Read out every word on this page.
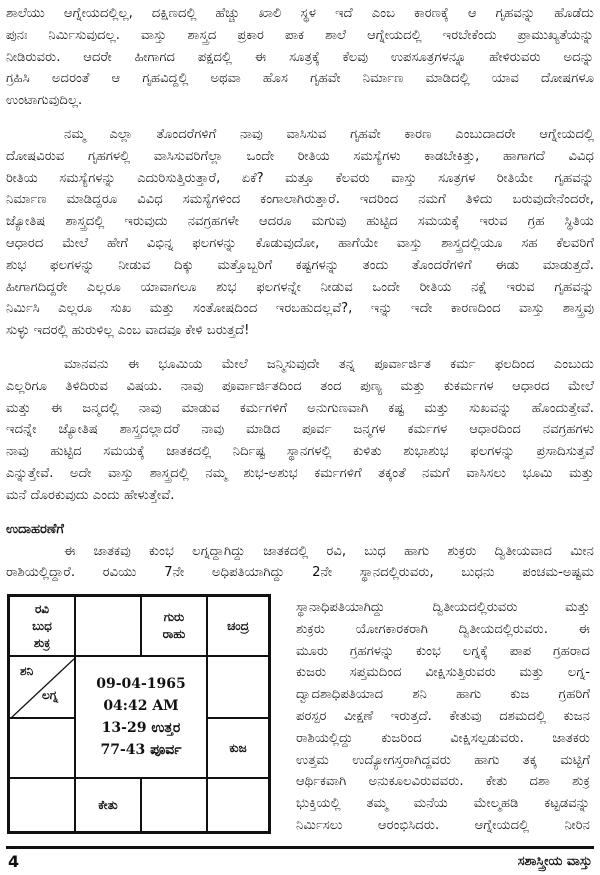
ಶಾಲೆಯು ಆಗ್ನೇಯದಲ್ಲಿಲ್ಲ, ದಕ್ಷಿಣದಲ್ಲಿ ಹೆಚ್ಚು ಖಾಲಿ ಸ್ಥಳ ಇದೆ ಎಂಬ ಕಾರಣಕ್ಕೆ ಆ ಗೃಹವನ್ನು ಹೊಡೆದು
ಪುನಃ ನಿರ್ಮಿಸುವುದಲ್ಲ. ವಾಸ್ತು ಶಾಸ್ತ್ರದ ಪ್ರಕಾರ ಪಾಕ ಶಾಲೆ ಆಗ್ನೇಯದಲ್ಲಿ ಇರಬೇಕೆಂದು ಪ್ರಾಮುಖ್ಯತೆಯನ್ನು
ನೀಡಿರುವರು. ಆದರೇ ಹೀಗಾಗದ ಪಕ್ಷದಲ್ಲಿ ಈ ಸೂತ್ರಕ್ಕೆ ಕೆಲವು ಉಪಸೂತ್ರಗಳನ್ನೂ ಹೇಳಿರುವರು ಅದನ್ನು
ಗ್ರಹಿಸಿ ಅದರಂತೆ ಆ ಗೃಹವಿದ್ದಲ್ಲಿ ಅಥವಾ ಹೊಸ ಗೃಹವೇ ನಿರ್ಮಾಣ ಮಾಡಿದಲ್ಲಿ ಯಾವ ದೋಷಗಳೂ
ಉಂಟಾಗುವುದಿಲ್ಲ.
ನಮ್ಮ ಎಲ್ಲಾ ತೊಂದರೆಗಳಿಗೆ ನಾವು ವಾಸಿಸುವ ಗೃಹವೇ ಕಾರಣ ಎಂಬುದಾದರೇ ಆಗ್ನೇಯದಲ್ಲಿ
ದೋಷವಿರುವ ಗೃಹಗಳಲ್ಲಿ ವಾಸಿಸುವರಿಗೆಲ್ಲಾ ಒಂದೇ ರೀತಿಯ ಸಮಸ್ಯೆಗಳು ಕಾಡಬೇಕಿತ್ತು, ಹಾಗಾಗದೆ ವಿವಿಧ
ರೀತಿಯ ಸಮಸ್ಯೆಗಳನ್ನು ಎದುರಿಸುತ್ತಿರುತ್ತಾರೆ, ಏಕೆ? ಮತ್ತೂ ಕೆಲವರು ವಾಸ್ತು ಸೂತ್ರಗಳ ರೀತಿಯೇ ಗೃಹವನ್ನು
ನಿರ್ಮಾಣ ಮಾಡಿದ್ದರೂ ವಿವಿಧ ಸಮಸ್ಯೆಗಳಿಂದ ಕಂಗಾಲಾಗಿರುತ್ತಾರೆ. ಇದರಿಂದ ನಮಗೆ ತಿಳಿದು ಬರುವುದೇನೆಂದರೇ,
ಜ್ಯೋತಿಷ ಶಾಸ್ತ್ರದಲ್ಲಿ ಇರುವುದು ನವಗ್ರಹಗಳೇ ಆದರೂ ಮಗುವು ಹುಟ್ಟಿದ ಸಮಯಕ್ಕೆ ಇರುವ ಗ್ರಹ ಸ್ಥಿತಿಯ
ಆಧಾರದ ಮೇಲೆ ಹೇಗೆ ವಿಭಿನ್ನ ಫಲಗಳನ್ನು ಕೊಡುವುದೋ, ಹಾಗೆಯೇ ವಾಸ್ತು ಶಾಸ್ತ್ರದಲ್ಲಿಯೂ ಸಹ ಕೆಲವರಿಗೆ
ಶುಭ ಫಲಗಳನ್ನು ನೀಡುವ ದಿಕ್ಕು ಮತ್ತೊಬ್ಬರಿಗೆ ಕಷ್ಟಗಳನ್ನು ತಂದು ತೊಂದರೆಗಳಿಗೆ ಈಡು ಮಾಡುತ್ತದೆ.
ಹೀಗಾಗದಿದ್ದರೇ ಎಲ್ಲರೂ ಯಾವಾಗಲೂ ಶುಭ ಫಲಗಳನ್ನೇ ನೀಡುವ ಒಂದೇ ರೀತಿಯ ನಕ್ಷೆ ಇರುವ ಗೃಹವನ್ನು
ನಿರ್ಮಿಸಿ ಎಲ್ಲರೂ ಸುಖ ಮತ್ತು ಸಂತೋಷದಿಂದ ಇರಬಹುದಲ್ಲವೆ?, ಇನ್ನು ಇದೇ ಕಾರಣದಿಂದ ವಾಸ್ತು ಶಾಸ್ತ್ರವು
ಸುಳ್ಳು ಇದರಲ್ಲಿ ಹುರುಳಿಲ್ಲ ಎಂಬ ವಾದವೂ ಕೇಳಿ ಬರುತ್ತದೆ!
ಮಾನವನು ಈ ಭೂಮಿಯ ಮೇಲೆ ಜನ್ಮಿಸುವುದೇ ತನ್ನ ಪೂರ್ವಾರ್ಜಿತ ಕರ್ಮ ಫಲದಿಂದ ಎಂಬುದು
ಎಲ್ಲರಿಗೂ ತಿಳಿದಿರುವ ವಿಷಯ. ನಾವು ಪೂರ್ವಾರ್ಜಿತದಿಂದ ತಂದ ಪುಣ್ಯ ಮತ್ತು ಕುಕರ್ಮಗಳ ಆಧಾರದ ಮೇಲೆ
ಮತ್ತು ಈ ಜನ್ಮದಲ್ಲಿ ನಾವು ಮಾಡುವ ಕರ್ಮಗಳಿಗೆ ಅನುಗುಣವಾಗಿ ಕಷ್ಟ ಮತ್ತು ಸುಖವನ್ನು ಹೊಂದುತ್ತೇವೆ.
ಇದನ್ನೇ ಜ್ಯೋತಿಷ ಶಾಸ್ತ್ರದಲ್ಲಾದರೆ ನಾವು ಮಾಡಿದ ಪೂರ್ವ ಜನ್ಮಗಳ ಕರ್ಮಗಳ ಆಧಾರದಿಂದ ನವಗ್ರಹಗಳು
ನಾವು ಹುಟ್ಟಿದ ಸಮಯಕ್ಕೆ ಜಾತಕದಲ್ಲಿ ನಿರ್ದಿಷ್ಟ ಸ್ಥಾನಗಳಲ್ಲಿ ಕುಳಿತು ಶುಭಾಶುಭ ಫಲಗಳನ್ನು ಪ್ರಸಾದಿಸುತ್ತವೆ
ಎನ್ನುತ್ತೇವೆ. ಅದೇ ವಾಸ್ತು ಶಾಸ್ತ್ರದಲ್ಲಿ ನಮ್ಮ ಶುಭ-ಅಶುಭ ಕರ್ಮಗಳಿಗೆ ತಕ್ಕಂತೆ ನಮಗೆ ವಾಸಿಸಲು ಭೂಮಿ ಮತ್ತು
ಮನೆ ದೊರಕುವುದು ಎಂದು ಹೇಳುತ್ತೇವೆ.
ಉದಾಹರಣೆಗೆ
ಈ ಜಾತಕವು ಕುಂಭ ಲಗ್ನದ್ದಾಗಿದ್ದು ಜಾತಕದಲ್ಲಿ ರವಿ, ಬುಧ ಹಾಗು ಶುಕ್ರರು ದ್ವಿತೀಯವಾದ ಮೀನ
ರಾಶಿಯಲ್ಲಿದ್ದಾರೆ. ರವಿಯು 7ನೇ ಅಧಿಪತಿಯಾಗಿದ್ದು 2ನೇ ಸ್ಥಾನದಲ್ಲಿರುವರು, ಬುಧನು ಪಂಚಮ-ಅಷ್ಟಮ
ರವಿ
ಬುಧ
ಶುಕ್ರ
ಗುರು
ರಾಹು
ಚಂದ್ರ
ಶನಿ
ಲಗ್ನ
09-04-1965
04:42 AM
13-29 ಉತ್ತರ
77-43 ಪೂರ್ವ	ಕುಜ
ಕೇತು
ಸ್ಥಾನಾಧಿಪತಿಯಾಗಿದ್ದು ದ್ವಿತೀಯದಲ್ಲಿರುವರು ಮತ್ತು
ಶುಕ್ರರು ಯೋಗಕಾರಕರಾಗಿ ದ್ವಿತೀಯದಲ್ಲಿರುವರು. ಈ
ಮೂರು ಗ್ರಹಗಳನ್ನು ಕುಂಭ ಲಗ್ನಕ್ಕೆ ಪಾಪ ಗ್ರಹರಾದ
ಕುಜರು ಸಪ್ತಮದಿಂದ ವೀಕ್ಷಿಸುತ್ತಿರುವರು ಮತ್ತು ಲಗ್ನ-
ದ್ವಾದಶಾಧಿಪತಿಯಾದ ಶನಿ ಹಾಗು ಕುಜ ಗ್ರಹರಿಗೆ
ಪರಸ್ಪರ ವೀಕ್ಷಣೆ ಇರುತ್ತದೆ. ಕೇತುವು ದಶಮದಲ್ಲಿ ಕುಜನ
ರಾಶಿಯಲ್ಲಿದ್ದು ಕುಜರಿಂದ ವೀಕ್ಷಿಸಲ್ಪಡುವರು. ಜಾತಕರು
ಉತ್ತಮ ಉದ್ಯೋಗಸ್ತರಾಗಿದ್ದವರು ಹಾಗು ತಕ್ಕ ಮಟ್ಟಿಗೆ
ಆರ್ಥಿಕವಾಗಿ ಅನುಕೂಲವಿರುವವರು. ಕೇತು ದಶಾ ಶುಕ್ರ
ಭುಕ್ತಿಯಲ್ಲಿ ತಮ್ಮ ಮನೆಯ ಮೇಲ್ಮಹಡಿ ಕಟ್ಟಡವನ್ನು
ನಿರ್ಮಿಸಲು ಆರಂಭಿಸಿದರು. ಆಗ್ನೇಯದಲ್ಲಿ ನೀರಿನ
4	ಸಶಾಸ್ತ್ರೀಯ ವಾಸ್ತು
